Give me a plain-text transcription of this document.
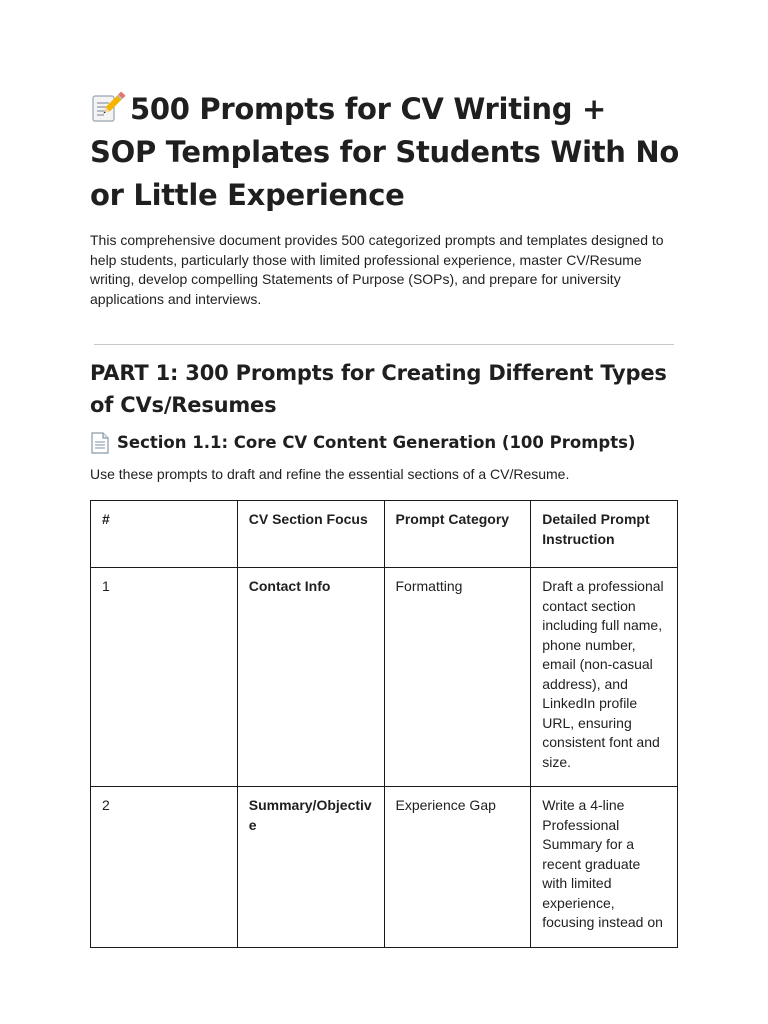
500 Prompts for CV Writing + SOP Templates for Students With No or Little Experience

This comprehensive document provides 500 categorized prompts and templates designed to help students, particularly those with limited professional experience, master CV/Resume writing, develop compelling Statements of Purpose (SOPs), and prepare for university applications and interviews.

PART 1: 300 Prompts for Creating Different Types of CVs/Resumes
Section 1.1: Core CV Content Generation (100 Prompts)

Use these prompts to draft and refine the essential sections of a CV/Resume.

#	CV Section Focus	Prompt Category	Detailed Prompt Instruction
1	Contact Info	Formatting	Draft a professional contact section including full name, phone number, email (non-casual address), and LinkedIn profile URL, ensuring consistent font and size.
2	Summary/Objective	Experience Gap	Write a 4-line Professional Summary for a recent graduate with limited experience, focusing instead on
